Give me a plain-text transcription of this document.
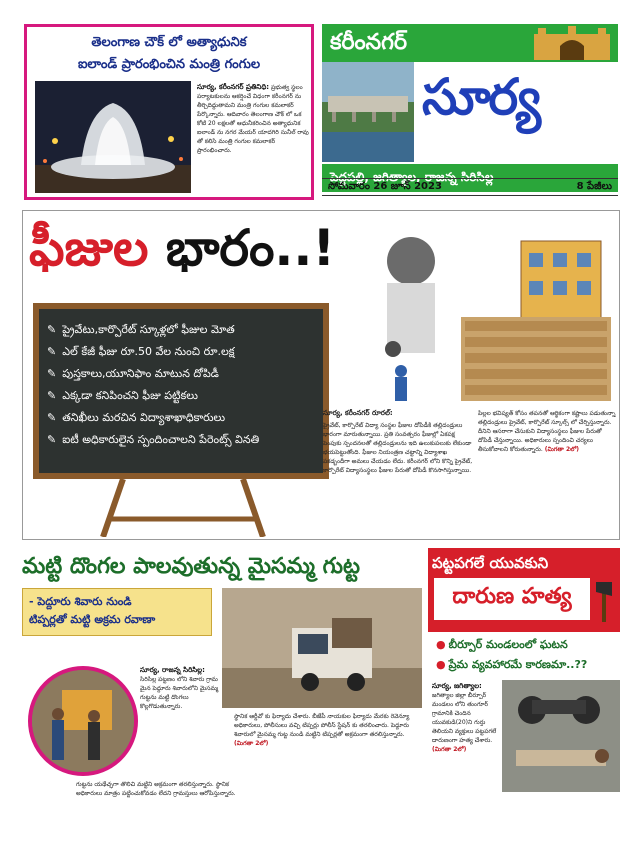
తెలంగాణ చౌక్ లో అత్యాధునిక
ఐలాండ్ ప్రారంభించిన మంత్రి గంగుల
సూర్య, కరీంనగర్ ప్రతినిధి: ప్రభుత్వ స్థలం పర్యాటకులను ఆకర్షించే విధంగా కరీంనగర్ ను తీర్చిదిద్దుతామని మంత్రి గంగుల కమలాకర్ పేర్కొన్నారు. ఆదివారం తెలంగాణ చౌక్ లో ఒక కోటి 20 లక్షలతో ఆధునీకరించిన అత్యాధునిక ఐలాండ్ ను నగర మేయర్ యాదగిరి సునీల్ రావు తో కలిసి మంత్రి గంగుల కమలాకర్ ప్రారంభించారు.
కరీంనగర్
సూర్య
పెద్దపల్లి, జగిత్యాల, రాజన్న సిరిసిల్ల
సోమవారం 26 జూన్ 2023	8 పేజీలు
ఫీజుల భారం..!
✎ ప్రైవేటు,కార్పొరేట్ స్కూళ్లలో ఫీజుల మోత
✎ ఎల్ కేజీ ఫీజు రూ.50 వేల నుంచి రూ.లక్ష
✎ పుస్తకాలు,యూనిఫాం మాటున దోపిడీ
✎ ఎక్కడా కనిపించని ఫీజు పట్టికలు
✎ తనిఖీలు మరచిన విద్యాశాఖాధికారులు
✎ ఐటీ అధికారులైన స్పందించాలని పేరెంట్స్ వినతి
సూర్య, కరీంనగర్ రూరల్:
ప్రైవేట్, కార్పొరేట్ విద్యా సంస్థల ఫీజుల దోపిడీకి తల్లిదండ్రులు భారంగా మారుతున్నాయి. ప్రతి సంవత్సరం ఫీజుల్లో ఏకపక్ష పెంపుకు స్పందనలతో తల్లిదండ్రులను ఇది ఉలుకుపలుకు లేకుండా భయపెట్టుతోంది. ఫీజుల నియంత్రణ చట్టాన్ని విద్యాశాఖ పకడ్బందీగా అమలు చేయడం లేదు. కరీంనగర్ లోని కొన్ని ప్రైవేట్, కార్పొరేట్ విద్యాసంస్థలు ఫీజుల పేరుతో దోపిడీ కొనసాగిస్తున్నాయి.
పిల్లల భవిష్యత్ కోసం తపనతో ఆర్థికంగా కష్టాలు పడుతున్నా తల్లిదండ్రులు ప్రైవేట్, కార్పొరేట్ స్కూల్స్ లో చేర్పిస్తున్నారు. దీనిని ఆసరాగా చేసుకుని విద్యాసంస్థలు ఫీజుల పేరుతో దోపిడీ చేస్తున్నాయి. అధికారులు స్పందించి చర్యలు తీసుకోవాలని కోరుతున్నారు. (మిగతా 2లో)
మట్టి దొంగల పాలవుతున్న మైసమ్మ గుట్ట
- పెద్దూరు శివారు నుండి
టిప్పర్లతో మట్టి అక్రమ రవాణా
సూర్య, రాజన్న సిరిసిల్ల: సిరిసిల్ల పట్టణం లోని శివారు గ్రామ మైన పెద్దూరు శివారులోని మైసమ్మ గుట్టను మట్టి దొంగలు కొల్లగొడుతున్నారు.
గుట్టను యథేచ్ఛగా తొలిచి మట్టిని అక్రమంగా తరలిస్తున్నారు. స్థానిక అధికారులు మాత్రం పట్టించుకోవడం లేదని గ్రామస్తులు ఆరోపిస్తున్నారు.
స్థానిక ఆర్డీవో కు ఫిర్యాదు చేశారు. బీజేపీ నాయకుల ఫిర్యాదు మేరకు రెవెన్యూ అధికారులు, పోలీసులు వచ్చి టిప్పర్లు పోలీస్ స్టేషన్ కు తరలించారు. పెద్దూరు శివారులో మైసమ్మ గుట్ట నుండి మట్టిని టిప్పర్లతో అక్రమంగా తరలిస్తున్నారు. (మిగతా 2లో)
పట్టపగలే యువకుని
దారుణ హత్య
● బీర్పూర్ మండలంలో ఘటన
● ప్రేమ వ్యవహారమే కారణమా..??
సూర్య, జగిత్యాల: జగిత్యాల జిల్లా బీర్పూర్ మండలం లోని తుంగూర్ గ్రామానికి చెందిన యువకుడి(20)ని గుర్తు తెలియని వ్యక్తులు పట్టపగలే దారుణంగా హత్య చేశారు. (మిగతా 2లో)
